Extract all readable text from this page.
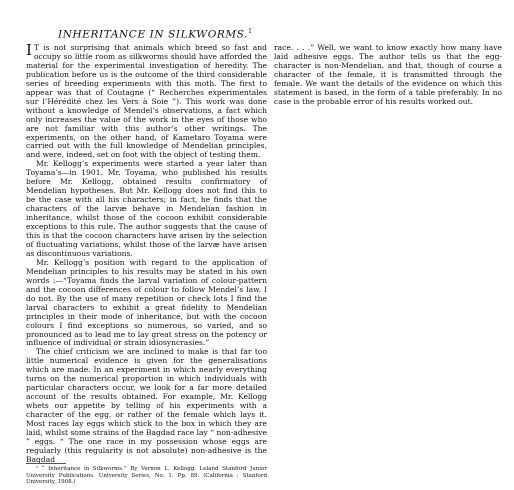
INHERITANCE IN SILKWORMS.$^1$

I T is not surprising that animals which breed so fast and occupy so little room as silkworms should have afforded the material for the experimental investigation of heredity. The publication before us is the outcome of the third considerable series of breeding experiments with this moth. The first to appear was that of Coutagne (“ Recherches experimentales sur l’Hérédité chez les Vers à Soie ”). This work was done without a knowledge of Mendel’s observations, a fact which only increases the value of the work in the eyes of those who are not familiar with this author’s other writings. The experiments, on the other hand, of Kametaro Toyama were carried out with the full knowledge of Mendelian principles, and were, indeed, set on foot with the object of testing them.

Mr. Kellogg’s experiments were started a year later than Toyama’s—in 1901. Mr. Toyama, who published his results before Mr. Kellogg, obtained results confirmatory of Mendelian hypotheses. But Mr. Kellogg does not find this to be the case with all his characters; in fact, he finds that the characters of the larvæ behave in Mendelian fashion in inheritance, whilst those of the cocoon exhibit considerable exceptions to this rule. The author suggests that the cause of this is that the cocoon characters have arisen by the selection of fluctuating variations, whilst those of the larvæ have arisen as discontinuous variations.

Mr. Kellogg’s position with regard to the application of Mendelian principles to his results may be stated in his own words :—“Toyama finds the larval variation of colour-pattern and the cocoon differences of colour to follow Mendel’s law. I do not. By the use of many repetition or check lots I find the larval characters to exhibit a great fidelity to Mendelian principles in their mode of inheritance, but with the cocoon colours I find exceptions so numerous, so varied, and so pronounced as to lead me to lay great stress on the potency or influence of individual or strain idiosyncrasies.”

The chief criticism we are inclined to make is that far too little numerical evidence is given for the generalisations which are made. In an experiment in which nearly everything turns on the numerical proportion in which individuals with particular characters occur, we look for a far more detailed account of the results obtained. For example, Mr. Kellogg whets our appetite by telling of his experiments with a character of the egg, or rather of the female which lays it. Most races lay eggs which stick to the box in which they are laid, whilst some strains of the Bagdad race lay “ non-adhesive ” eggs. “ The one race in my possession whose eggs are regularly (this regularity is not absolute) non-adhesive is the Bagdad

race. . . .” Well, we want to know exactly how many have laid adhesive eggs. The author tells us that the egg-character is non-Mendelian, and that, though of course a character of the female, it is transmitted through the female. We want the details of the evidence on which this statement is based, in the form of a table preferably. In no case is the probable error of his results worked out.

¹ “ Inheritance in Silkworms.” By Vernon L. Kellogg. Leland Stanford Junior University Publications. University Series, No. 1. Pp. 89. (California : Stanford University, 1908.)
